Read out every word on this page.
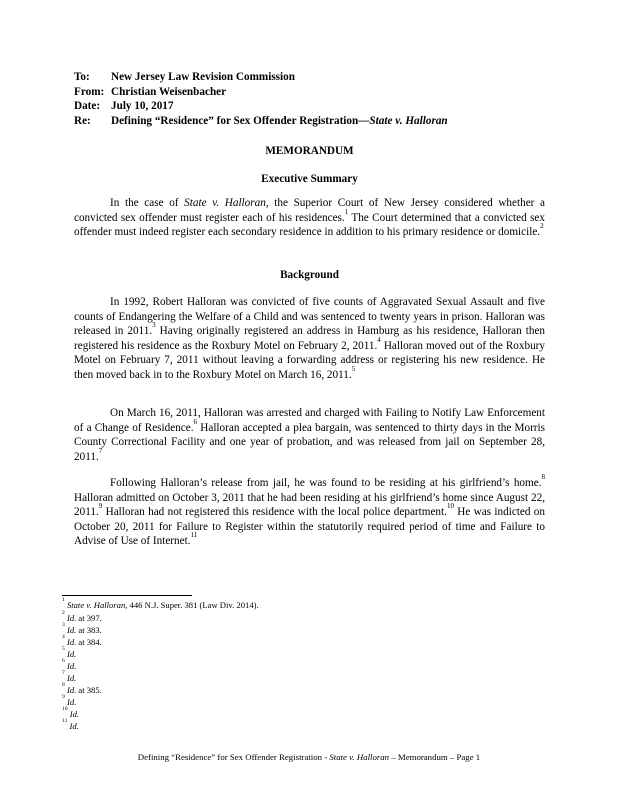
To:	New Jersey Law Revision Commission
From: Christian Weisenbacher
Date: July 10, 2017
Re:	Defining “Residence” for Sex Offender Registration—State v. Halloran
MEMORANDUM
Executive Summary

In the case of State v. Halloran, the Superior Court of New Jersey considered whether a convicted sex offender must register each of his residences.$^1$ The Court determined that a convicted sex offender must indeed register each secondary residence in addition to his primary residence or domicile.$^2$

Background

In 1992, Robert Halloran was convicted of five counts of Aggravated Sexual Assault and five counts of Endangering the Welfare of a Child and was sentenced to twenty years in prison. Halloran was released in 2011.$^3$ Having originally registered an address in Hamburg as his residence, Halloran then registered his residence as the Roxbury Motel on February 2, 2011.$^4$ Halloran moved out of the Roxbury Motel on February 7, 2011 without leaving a forwarding address or registering his new residence. He then moved back in to the Roxbury Motel on March 16, 2011.$^5$

On March 16, 2011, Halloran was arrested and charged with Failing to Notify Law Enforcement of a Change of Residence.$^6$ Halloran accepted a plea bargain, was sentenced to thirty days in the Morris County Correctional Facility and one year of probation, and was released from jail on September 28, 2011.$^7$

Following Halloran’s release from jail, he was found to be residing at his girlfriend’s home.$^8$ Halloran admitted on October 3, 2011 that he had been residing at his girlfriend’s home since August 22, 2011.$^9$ Halloran had not registered this residence with the local police department.$^{10}$ He was indicted on October 20, 2011 for Failure to Register within the statutorily required period of time and Failure to Advise of Use of Internet.$^{11}$

$^1$ State v. Halloran, 446 N.J. Super. 381 (Law Div. 2014).
$^2$ Id. at 397.
$^3$ Id. at 383.
$^4$ Id. at 384.
$^5$ Id.
$^6$ Id.
$^7$ Id.
$^8$ Id. at 385.
$^9$ Id.
$^{10}$ Id.
$^{11}$ Id.
Defining “Residence” for Sex Offender Registration - State v. Halloran – Memorandum – Page 1
